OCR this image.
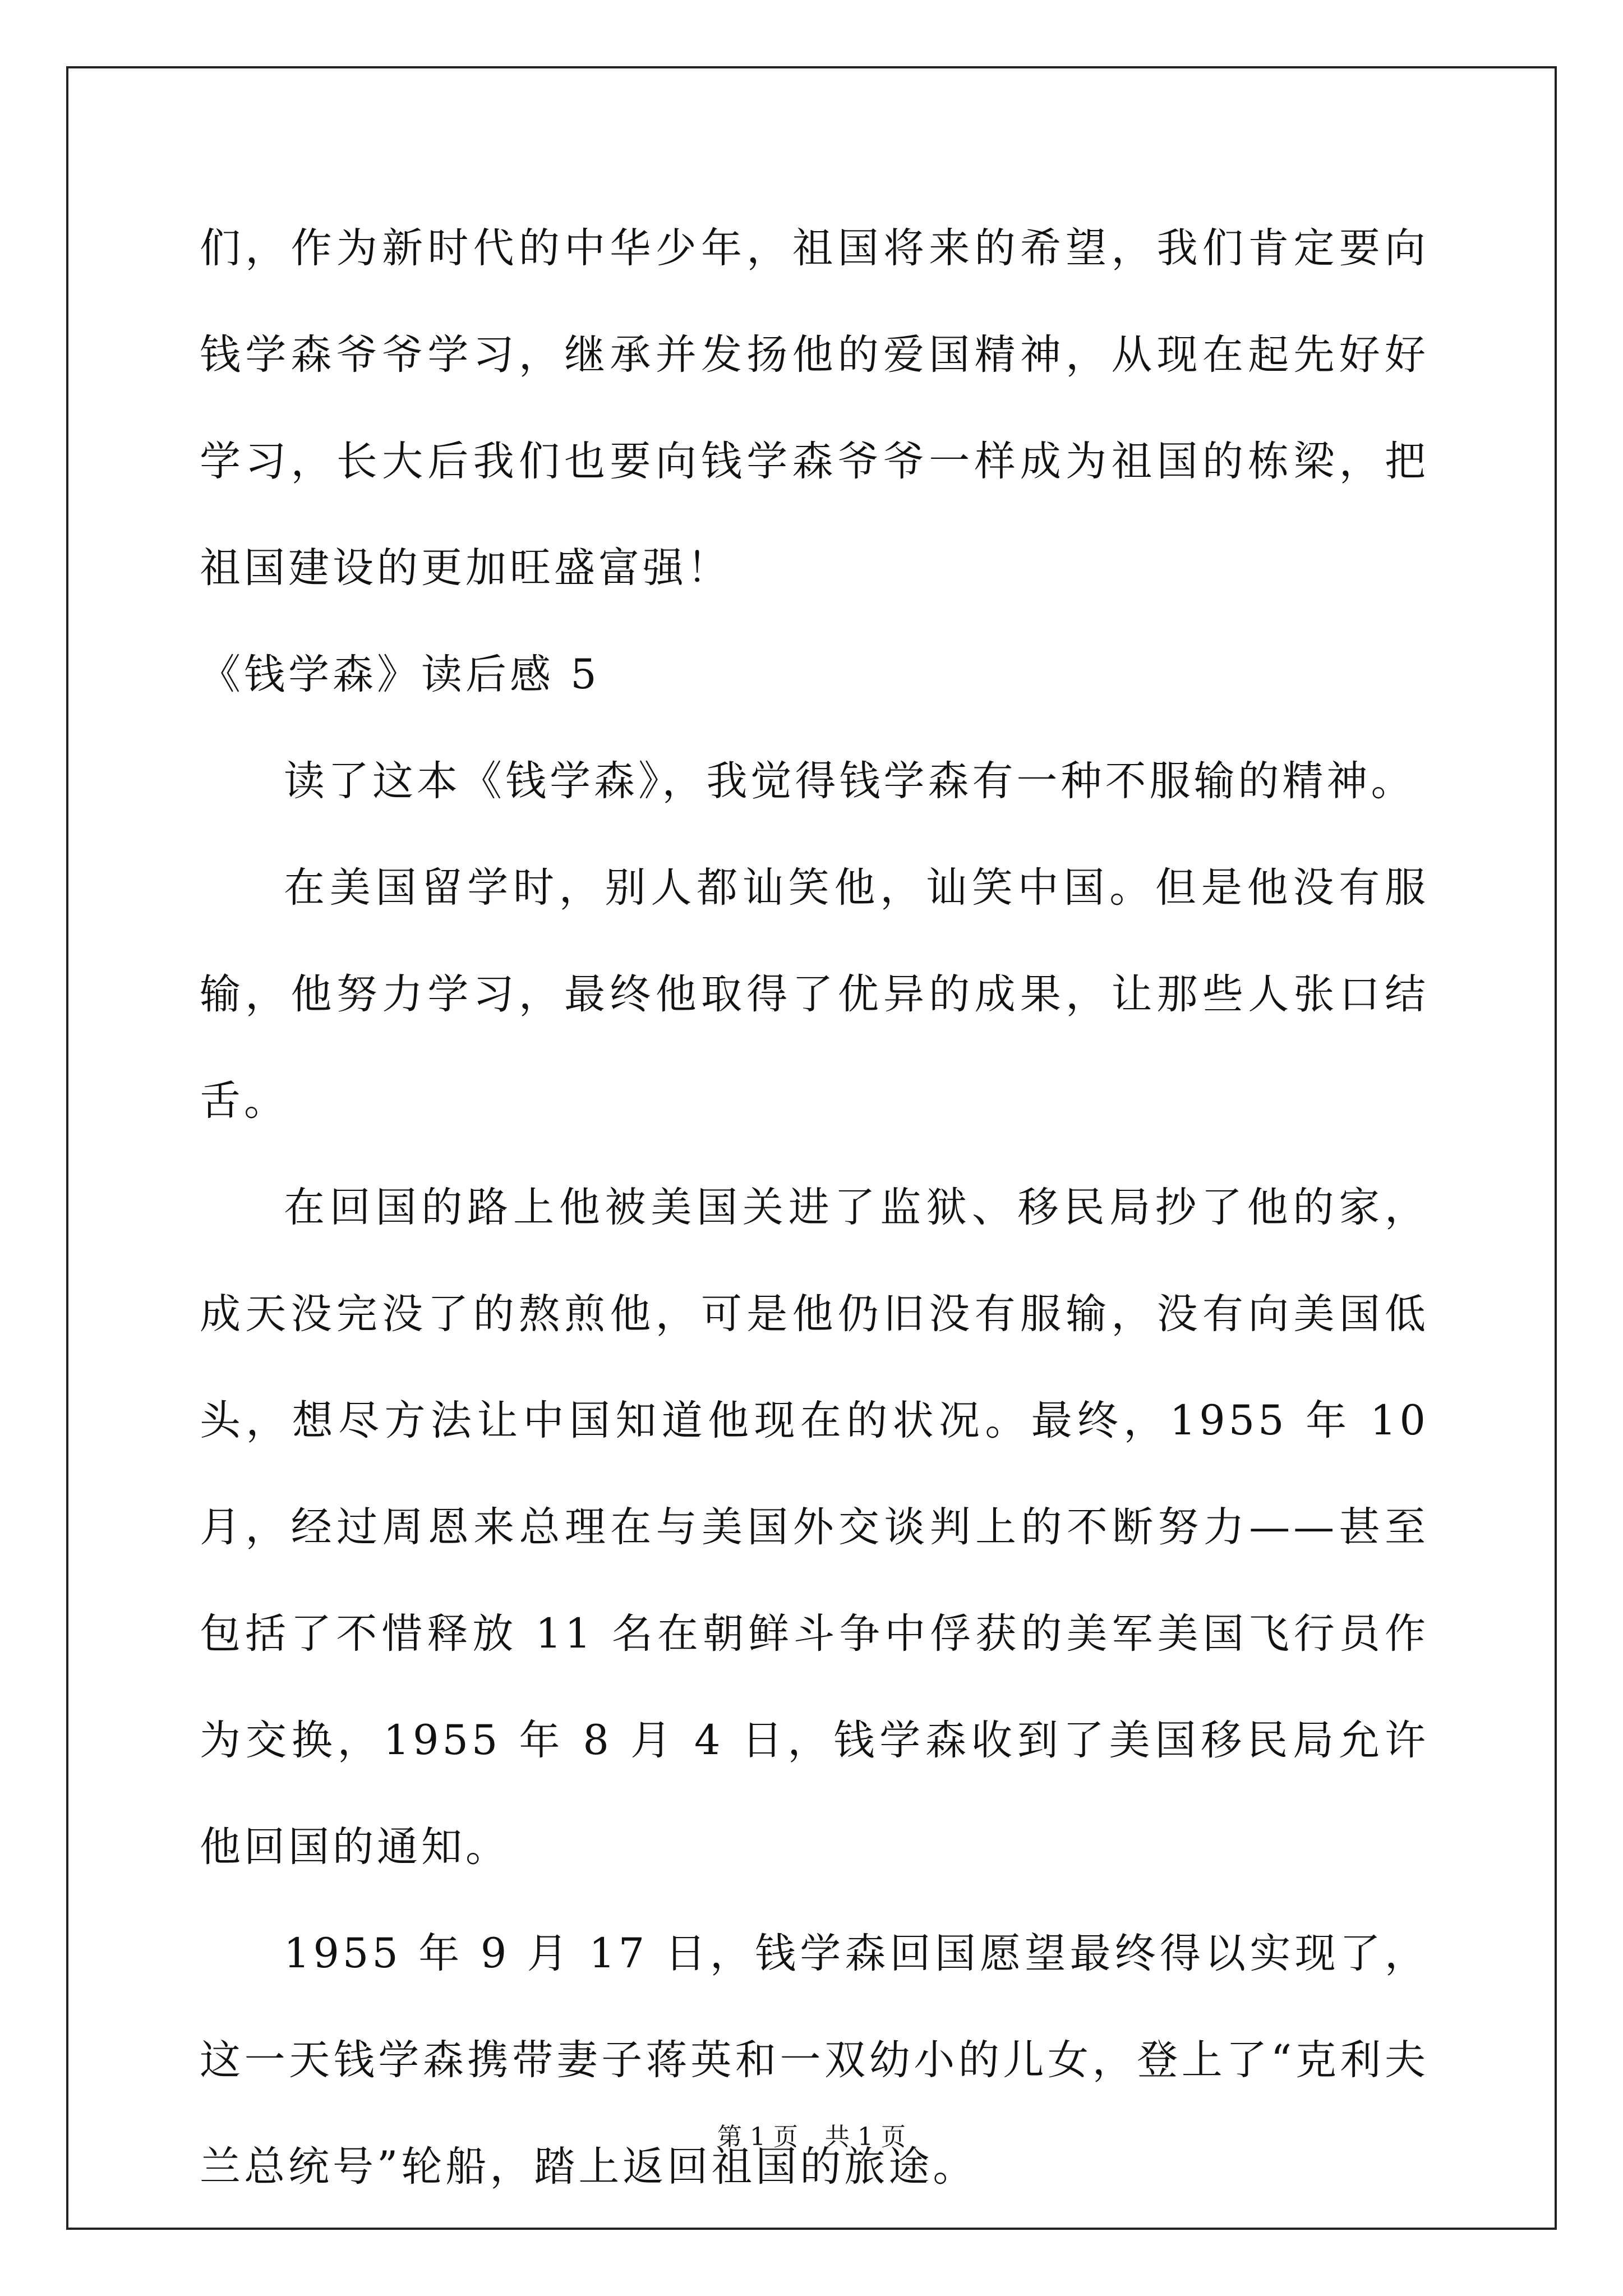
们，作为新时代的中华少年，祖国将来的希望，我们肯定要向钱学森爷爷学习，继承并发扬他的爱国精神，从现在起先好好学习，长大后我们也要向钱学森爷爷一样成为祖国的栋梁，把祖国建设的更加旺盛富强！

《钱学森》读后感 5

读了这本《钱学森》，我觉得钱学森有一种不服输的精神。

在美国留学时，别人都讪笑他，讪笑中国。但是他没有服输，他努力学习，最终他取得了优异的成果，让那些人张口结舌。

在回国的路上他被美国关进了监狱、移民局抄了他的家，成天没完没了的熬煎他，可是他仍旧没有服输，没有向美国低头，想尽方法让中国知道他现在的状况。最终，1955 年 10 月，经过周恩来总理在与美国外交谈判上的不断努力——甚至包括了不惜释放 11 名在朝鲜斗争中俘获的美军美国飞行员作为交换，1955 年 8 月 4 日，钱学森收到了美国移民局允许他回国的通知。

1955 年 9 月 17 日，钱学森回国愿望最终得以实现了，这一天钱学森携带妻子蒋英和一双幼小的儿女，登上了“克利夫兰总统号”轮船，踏上返回祖国的旅途。

第 1 页 共 1 页
